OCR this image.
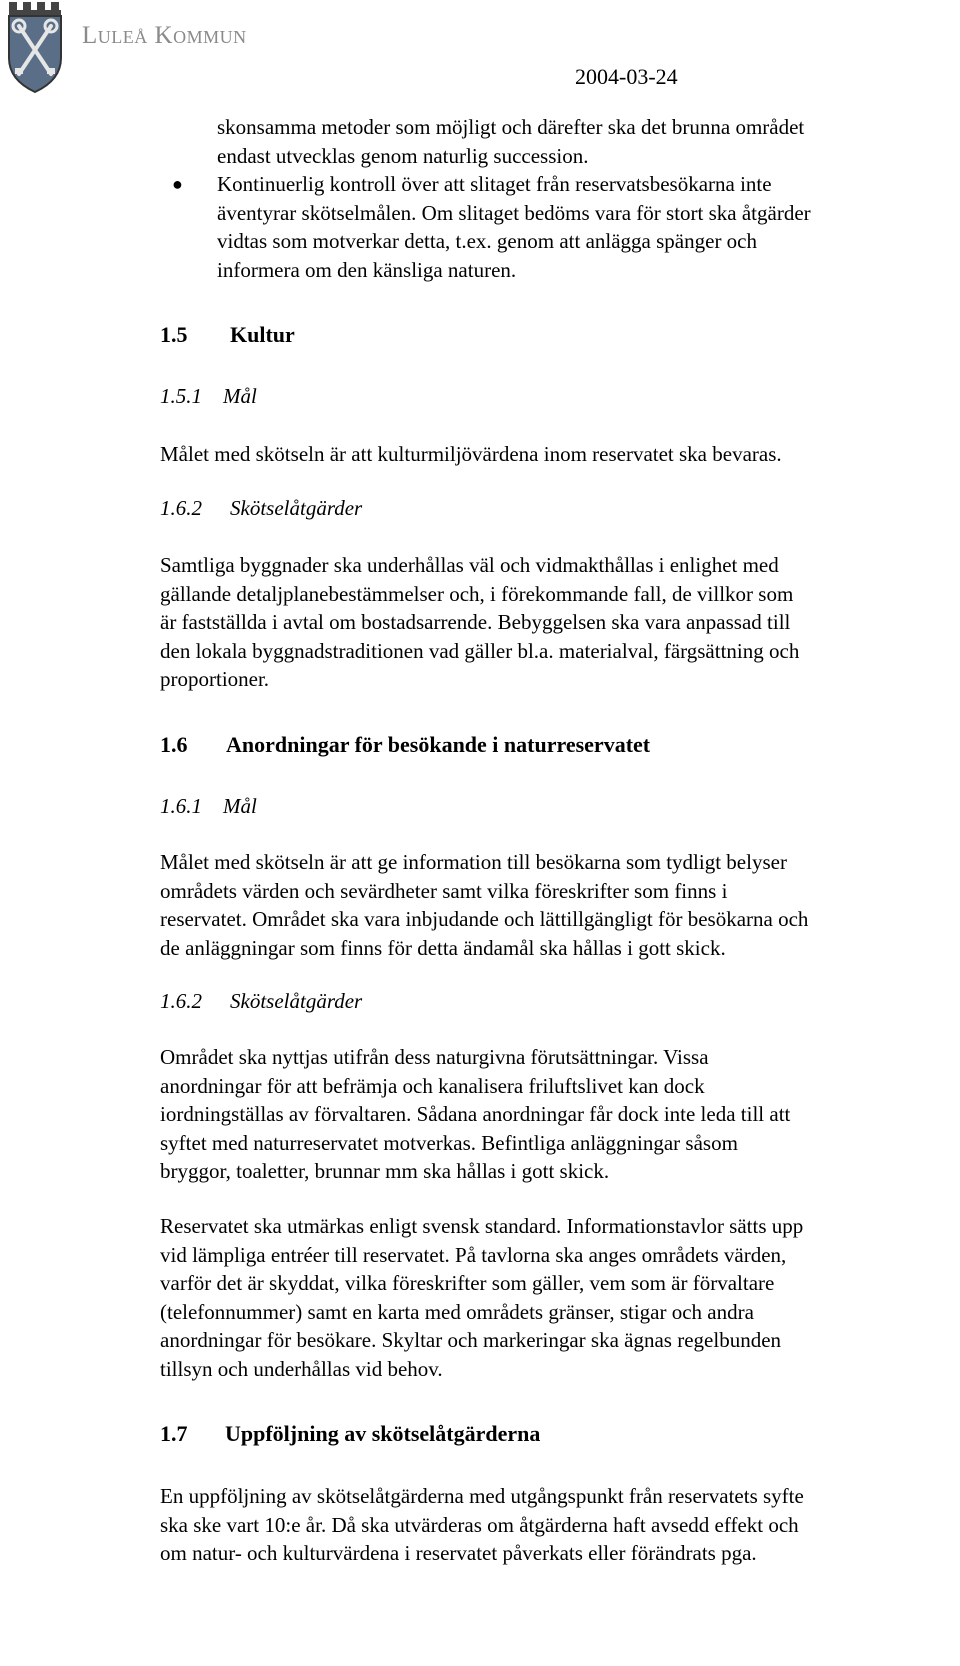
Luleå Kommun
2004-03-24
skonsamma metoder som möjligt och därefter ska det brunna området
endast utvecklas genom naturlig succession.
● Kontinuerlig kontroll över att slitaget från reservatsbesökarna inte
äventyrar skötselmålen. Om slitaget bedöms vara för stort ska åtgärder
vidtas som motverkar detta, t.ex. genom att anlägga spänger och
informera om den känsliga naturen.
1.5 Kultur
1.5.1 Mål
Målet med skötseln är att kulturmiljövärdena inom reservatet ska bevaras.
1.6.2 Skötselåtgärder
Samtliga byggnader ska underhållas väl och vidmakthållas i enlighet med
gällande detaljplanebestämmelser och, i förekommande fall, de villkor som
är fastställda i avtal om bostadsarrende. Bebyggelsen ska vara anpassad till
den lokala byggnadstraditionen vad gäller bl.a. materialval, färgsättning och
proportioner.
1.6 Anordningar för besökande i naturreservatet
1.6.1 Mål
Målet med skötseln är att ge information till besökarna som tydligt belyser
områdets värden och sevärdheter samt vilka föreskrifter som finns i
reservatet. Området ska vara inbjudande och lättillgängligt för besökarna och
de anläggningar som finns för detta ändamål ska hållas i gott skick.
1.6.2 Skötselåtgärder
Området ska nyttjas utifrån dess naturgivna förutsättningar. Vissa
anordningar för att befrämja och kanalisera friluftslivet kan dock
iordningställas av förvaltaren. Sådana anordningar får dock inte leda till att
syftet med naturreservatet motverkas. Befintliga anläggningar såsom
bryggor, toaletter, brunnar mm ska hållas i gott skick.
Reservatet ska utmärkas enligt svensk standard. Informationstavlor sätts upp
vid lämpliga entréer till reservatet. På tavlorna ska anges områdets värden,
varför det är skyddat, vilka föreskrifter som gäller, vem som är förvaltare
(telefonnummer) samt en karta med områdets gränser, stigar och andra
anordningar för besökare. Skyltar och markeringar ska ägnas regelbunden
tillsyn och underhållas vid behov.
1.7 Uppföljning av skötselåtgärderna
En uppföljning av skötselåtgärderna med utgångspunkt från reservatets syfte
ska ske vart 10:e år. Då ska utvärderas om åtgärderna haft avsedd effekt och
om natur- och kulturvärdena i reservatet påverkats eller förändrats pga.
